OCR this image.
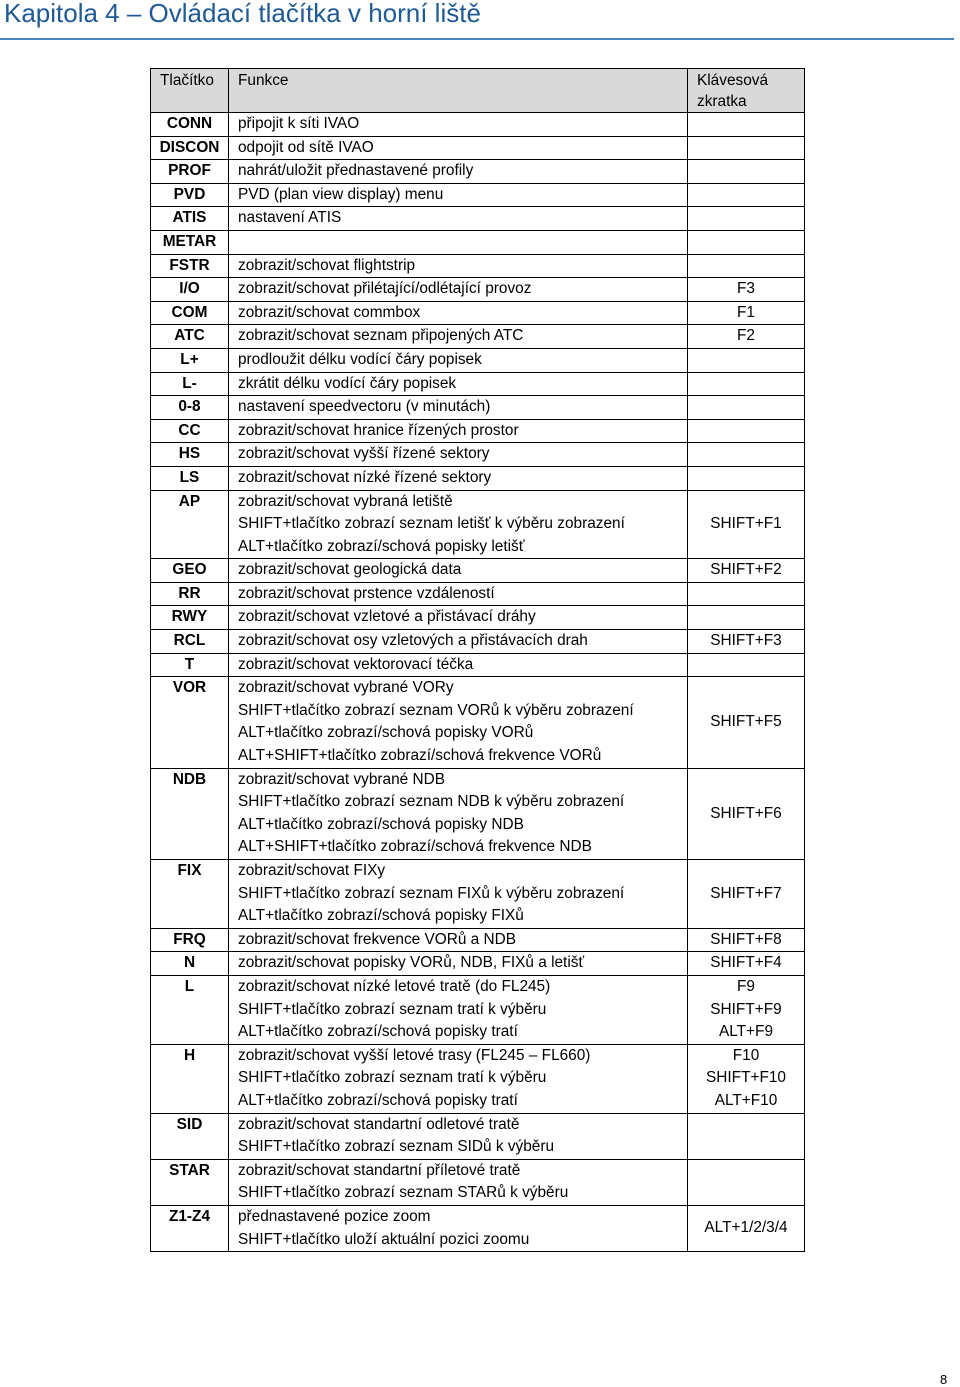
Kapitola 4 – Ovládací tlačítka v horní liště
Tlačítko	Funkce	Klávesová
zkratka

CONN	připojit k síti IVAO	

DISCON	odpojit od sítě IVAO	

PROF	nahrát/uložit přednastavené profily	

PVD	PVD (plan view display) menu	

ATIS	nastavení ATIS	

METAR	

FSTR	zobrazit/schovat flightstrip	

I/O	zobrazit/schovat přilétající/odlétající provoz	F3

COM	zobrazit/schovat commbox	F1

ATC	zobrazit/schovat seznam připojených ATC	F2

L+	prodloužit délku vodící čáry popisek	

L-	zkrátit délku vodící čáry popisek	

0-8	nastavení speedvectoru (v minutách)	

CC	zobrazit/schovat hranice řízených prostor	

HS	zobrazit/schovat vyšší řízené sektory	

LS	zobrazit/schovat nízké řízené sektory	

AP	zobrazit/schovat vybraná letiště
SHIFT+tlačítko zobrazí seznam letišť k výběru zobrazení
ALT+tlačítko zobrazí/schová popisky letišť	SHIFT+F1

GEO	zobrazit/schovat geologická data	SHIFT+F2

RR	zobrazit/schovat prstence vzdáleností	

RWY	zobrazit/schovat vzletové a přistávací dráhy	

RCL	zobrazit/schovat osy vzletových a přistávacích drah	SHIFT+F3

T	zobrazit/schovat vektorovací téčka	

VOR	zobrazit/schovat vybrané VORy
SHIFT+tlačítko zobrazí seznam VORů k výběru zobrazení
ALT+tlačítko zobrazí/schová popisky VORů
ALT+SHIFT+tlačítko zobrazí/schová frekvence VORů	SHIFT+F5

NDB	zobrazit/schovat vybrané NDB
SHIFT+tlačítko zobrazí seznam NDB k výběru zobrazení
ALT+tlačítko zobrazí/schová popisky NDB
ALT+SHIFT+tlačítko zobrazí/schová frekvence NDB	SHIFT+F6

FIX	zobrazit/schovat FIXy
SHIFT+tlačítko zobrazí seznam FIXů k výběru zobrazení
ALT+tlačítko zobrazí/schová popisky FIXů	SHIFT+F7

FRQ	zobrazit/schovat frekvence VORů a NDB	SHIFT+F8

N	zobrazit/schovat popisky VORů, NDB, FIXů a letišť	SHIFT+F4

L	zobrazit/schovat nízké letové tratě (do FL245)
SHIFT+tlačítko zobrazí seznam tratí k výběru
ALT+tlačítko zobrazí/schová popisky tratí	F9
SHIFT+F9
ALT+F9

H	zobrazit/schovat vyšší letové trasy (FL245 – FL660)
SHIFT+tlačítko zobrazí seznam tratí k výběru
ALT+tlačítko zobrazí/schová popisky tratí	F10
SHIFT+F10
ALT+F10

SID	zobrazit/schovat standartní odletové tratě
SHIFT+tlačítko zobrazí seznam SIDů k výběru	

STAR	zobrazit/schovat standartní příletové tratě
SHIFT+tlačítko zobrazí seznam STARů k výběru	

Z1-Z4	přednastavené pozice zoom
SHIFT+tlačítko uloží aktuální pozici zoomu	ALT+1/2/3/4
8
